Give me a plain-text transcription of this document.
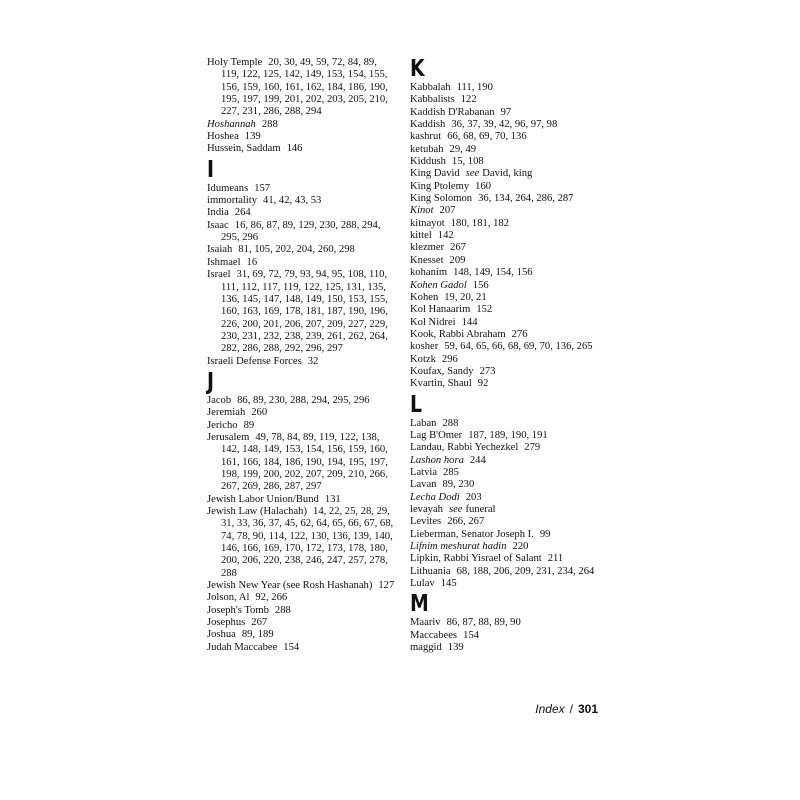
Holy Temple 20, 30, 49, 59, 72, 84, 89, 119, 122, 125, 142, 149, 153, 154, 155, 156, 159, 160, 161, 162, 184, 186, 190, 195, 197, 199, 201, 202, 203, 205, 210, 227, 231, 286, 288, 294
Hoshannah 288
Hoshea 139
Hussein, Saddam 146
I
Idumeans 157
immortality 41, 42, 43, 53
India 264
Isaac 16, 86, 87, 89, 129, 230, 288, 294, 295, 296
Isaiah 81, 105, 202, 204, 260, 298
Ishmael 16
Israel 31, 69, 72, 79, 93, 94, 95, 108, 110, 111, 112, 117, 119, 122, 125, 131, 135, 136, 145, 147, 148, 149, 150, 153, 155, 160, 163, 169, 178, 181, 187, 190, 196, 226, 200, 201, 206, 207, 209, 227, 229, 230, 231, 232, 238, 239, 261, 262, 264, 282, 286, 288, 292, 296, 297
Israeli Defense Forces 32
J
Jacob 86, 89, 230, 288, 294, 295, 296
Jeremiah 260
Jericho 89
Jerusalem 49, 78, 84, 89, 119, 122, 138, 142, 148, 149, 153, 154, 156, 159, 160, 161, 166, 184, 186, 190, 194, 195, 197, 198, 199, 200, 202, 207, 209, 210, 266, 267, 269, 286, 287, 297
Jewish Labor Union/Bund 131
Jewish Law (Halachah) 14, 22, 25, 28, 29, 31, 33, 36, 37, 45, 62, 64, 65, 66, 67, 68, 74, 78, 90, 114, 122, 130, 136, 139, 140, 146, 166, 169, 170, 172, 173, 178, 180, 200, 206, 220, 238, 246, 247, 257, 278, 288
Jewish New Year (see Rosh Hashanah) 127
Jolson, Al 92, 266
Joseph's Tomb 288
Josephus 267
Joshua 89, 189
Judah Maccabee 154
K
Kabbalah 111, 190
Kabbalists 122
Kaddish D'Rabanan 97
Kaddish 36, 37, 39, 42, 96, 97, 98
kashrut 66, 68, 69, 70, 136
ketubah 29, 49
Kiddush 15, 108
King David see David, king
King Ptolemy 160
King Solomon 36, 134, 264, 286, 287
Kinot 207
kitnayot 180, 181, 182
kittel 142
klezmer 267
Knesset 209
kohanim 148, 149, 154, 156
Kohen Gadol 156
Kohen 19, 20, 21
Kol Hanaarim 152
Kol Nidrei 144
Kook, Rabbi Abraham 276
kosher 59, 64, 65, 66, 68, 69, 70, 136, 265
Kotzk 296
Koufax, Sandy 273
Kvartin, Shaul 92
L
Laban 288
Lag B'Omer 187, 189, 190, 191
Landau, Rabbi Yechezkel 279
Lashon hora 244
Latvia 285
Lavan 89, 230
Lecha Dodi 203
levayah see funeral
Levites 266, 267
Lieberman, Senator Joseph I. 99
Lifnim meshurat hadin 220
Lipkin, Rabbi Yisrael of Salant 211
Lithuania 68, 188, 206, 209, 231, 234, 264
Lulav 145
M
Maariv 86, 87, 88, 89, 90
Maccabees 154
maggid 139
Index / 301
